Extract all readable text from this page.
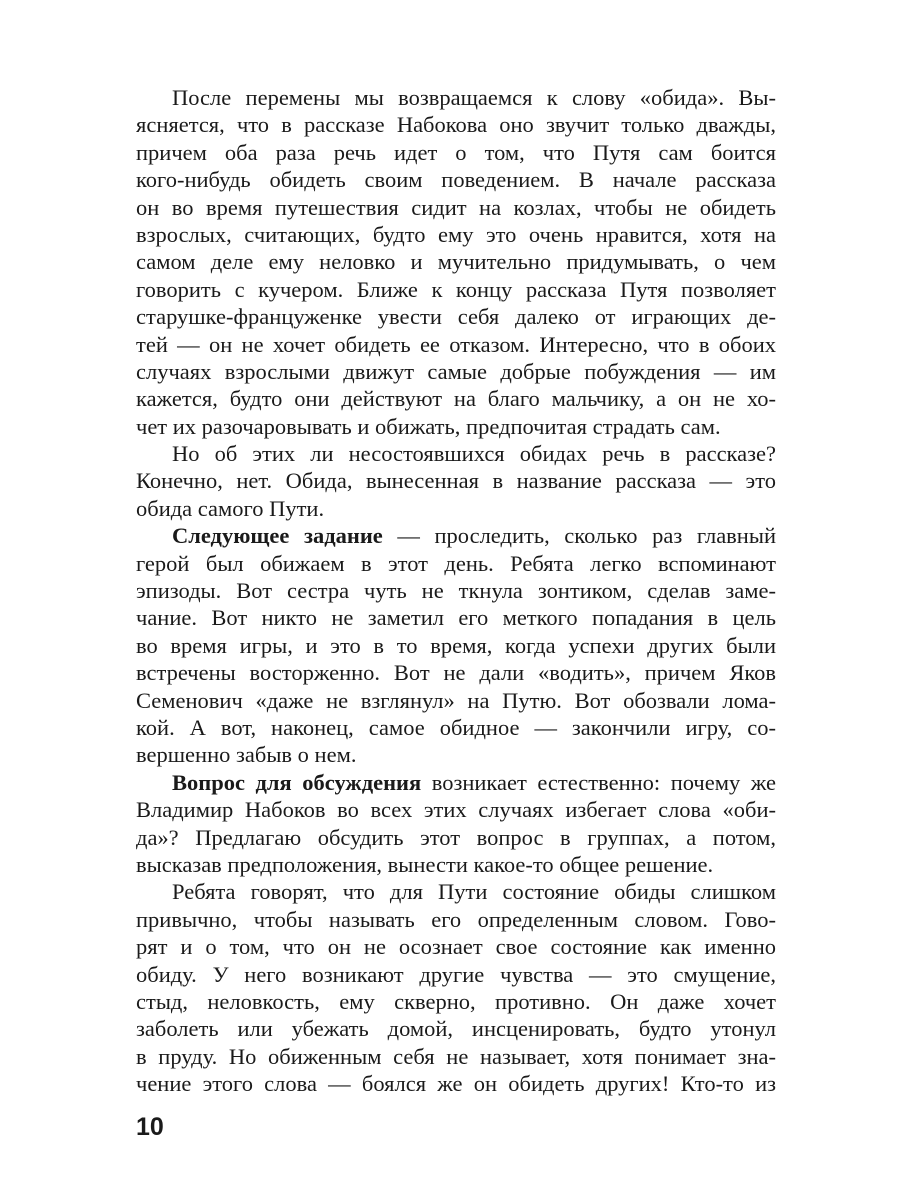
После перемены мы возвращаемся к слову «обида». Вы-
ясняется, что в рассказе Набокова оно звучит только дважды,
причем оба раза речь идет о том, что Путя сам боится
кого-нибудь обидеть своим поведением. В начале рассказа
он во время путешествия сидит на козлах, чтобы не обидеть
взрослых, считающих, будто ему это очень нравится, хотя на
самом деле ему неловко и мучительно придумывать, о чем
говорить с кучером. Ближе к концу рассказа Путя позволяет
старушке-француженке увести себя далеко от играющих де-
тей — он не хочет обидеть ее отказом. Интересно, что в обоих
случаях взрослыми движут самые добрые побуждения — им
кажется, будто они действуют на благо мальчику, а он не хо-
чет их разочаровывать и обижать, предпочитая страдать сам.
Но об этих ли несостоявшихся обидах речь в рассказе?
Конечно, нет. Обида, вынесенная в название рассказа — это
обида самого Пути.
Следующее задание — проследить, сколько раз главный
герой был обижаем в этот день. Ребята легко вспоминают
эпизоды. Вот сестра чуть не ткнула зонтиком, сделав заме-
чание. Вот никто не заметил его меткого попадания в цель
во время игры, и это в то время, когда успехи других были
встречены восторженно. Вот не дали «водить», причем Яков
Семенович «даже не взглянул» на Путю. Вот обозвали лома-
кой. А вот, наконец, самое обидное — закончили игру, со-
вершенно забыв о нем.
Вопрос для обсуждения возникает естественно: почему же
Владимир Набоков во всех этих случаях избегает слова «оби-
да»? Предлагаю обсудить этот вопрос в группах, а потом,
высказав предположения, вынести какое-то общее решение.
Ребята говорят, что для Пути состояние обиды слишком
привычно, чтобы называть его определенным словом. Гово-
рят и о том, что он не осознает свое состояние как именно
обиду. У него возникают другие чувства — это смущение,
стыд, неловкость, ему скверно, противно. Он даже хочет
заболеть или убежать домой, инсценировать, будто утонул
в пруду. Но обиженным себя не называет, хотя понимает зна-
чение этого слова — боялся же он обидеть других! Кто-то из
10
